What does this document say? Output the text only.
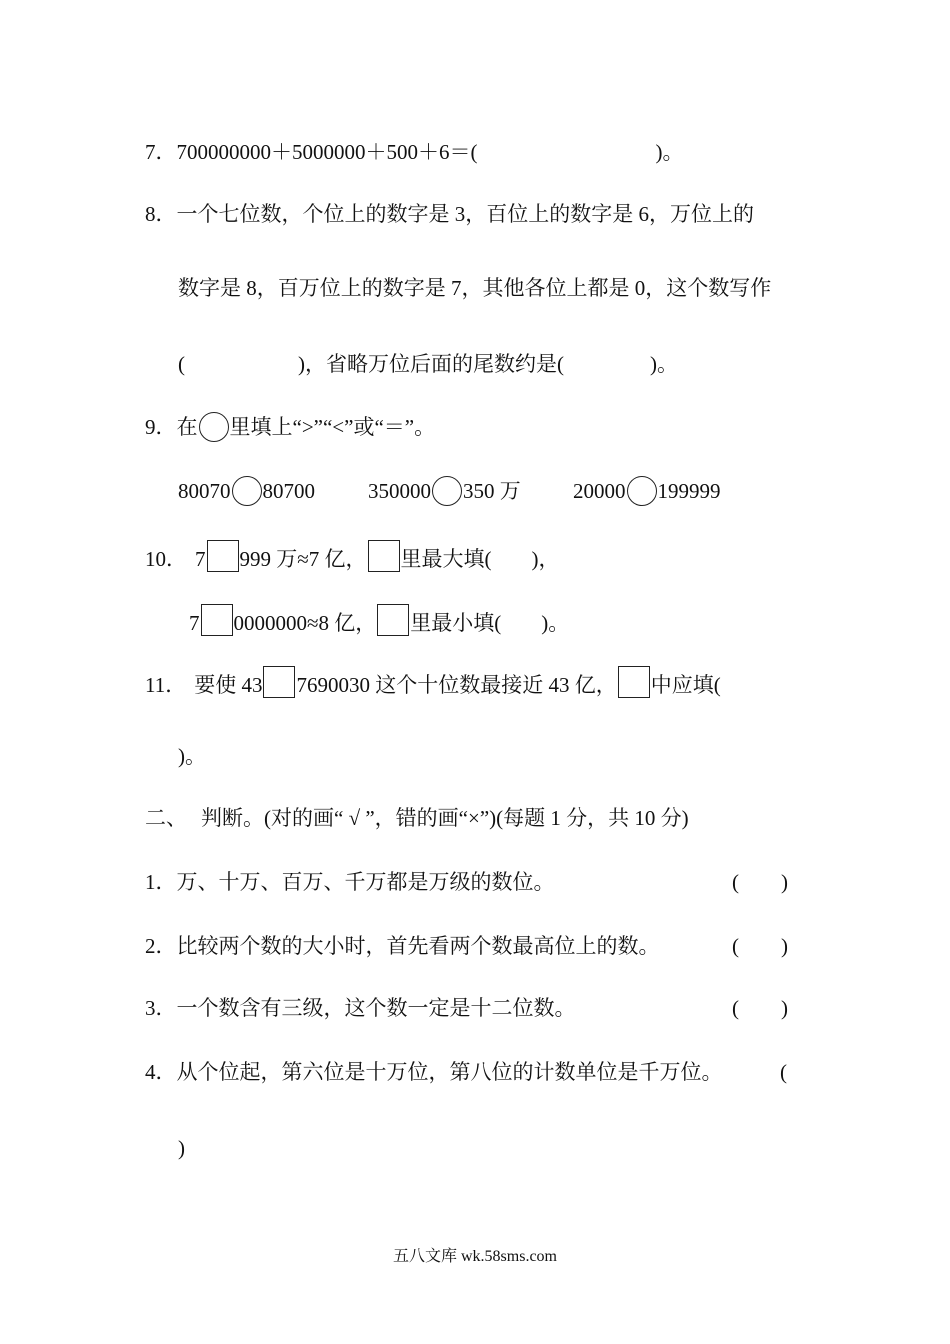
7．700000000＋5000000＋500＋6＝(	)。
8．一个七位数，个位上的数字是 3，百位上的数字是 6，万位上的
数字是 8，百万位上的数字是 7，其他各位上都是 0，这个数写作
(	)，省略万位后面的尾数约是(	)。
9．在 里填上“>”“<”或“＝”。
80070 80700	350000 350 万 20000 199999
10． 7 999 万≈7 亿， 里最大填( )，
7 0000000≈8 亿， 里最小填( )。
11． 要使 43 7690030 这个十位数最接近 43 亿， 中应填(
)。
二、 判断。(对的画“ √ ”，错的画“×”)(每题 1 分，共 10 分)
1．万、十万、百万、千万都是万级的数位。	(　　)
2．比较两个数的大小时，首先看两个数最高位上的数。	(　　)
3．一个数含有三级，这个数一定是十二位数。	(　　)
4．从个位起，第六位是十万位，第八位的计数单位是千万位。	(
)
五八文库 wk.58sms.com
